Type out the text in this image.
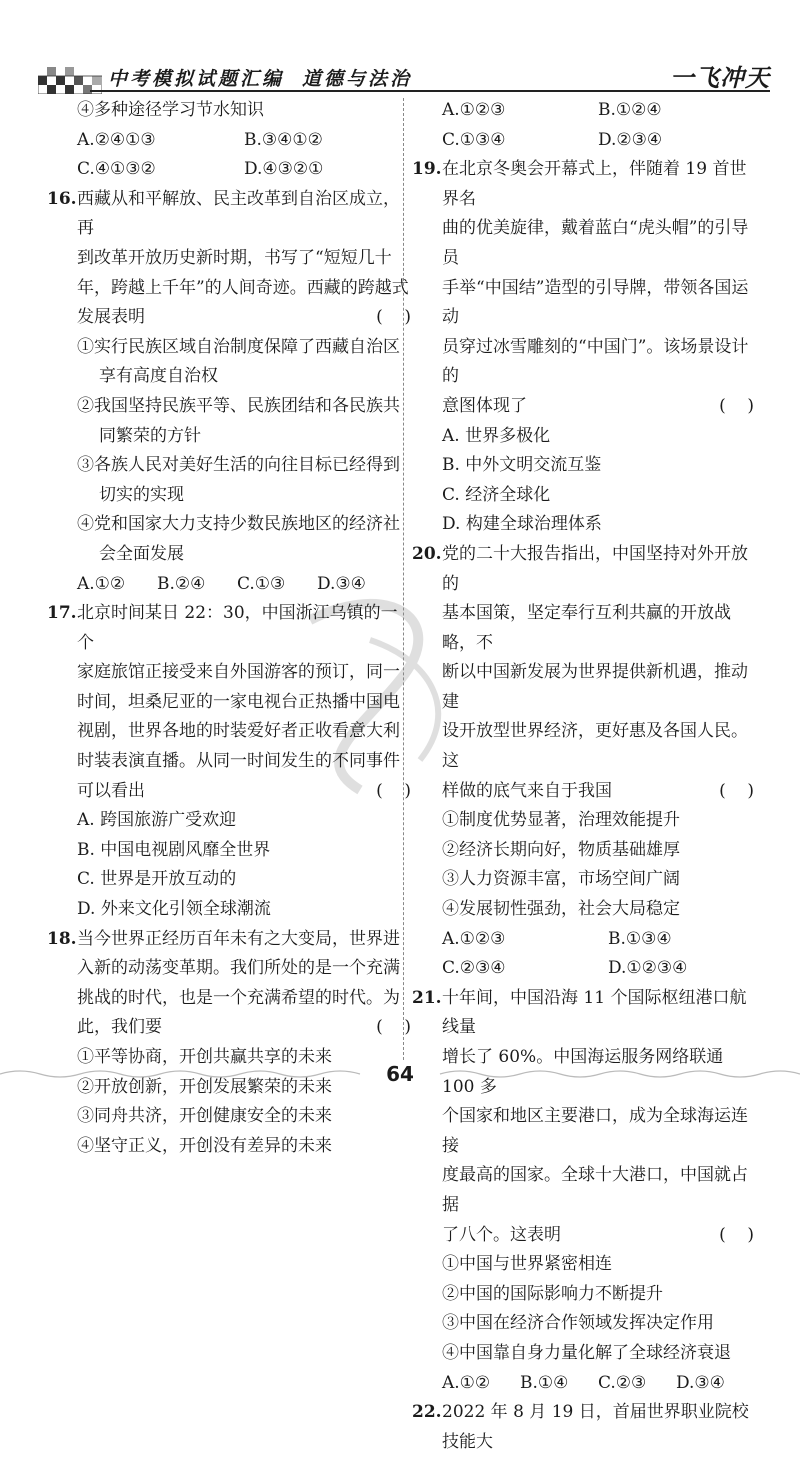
中考模拟试题汇编 道德与法治	一飞冲天
④多种途径学习节水知识
A.②④①③	B.③④①②
C.④①③②	D.④③②①
16. 西藏从和平解放、民主改革到自治区成立，再
到改革开放历史新时期，书写了“短短几十
年，跨越上千年”的人间奇迹。西藏的跨越式
发展表明	(    )
①实行民族区域自治制度保障了西藏自治区
享有高度自治权
②我国坚持民族平等、民族团结和各民族共
同繁荣的方针
③各族人民对美好生活的向往目标已经得到
切实的实现
④党和国家大力支持少数民族地区的经济社
会全面发展
A.①②	B.②④	C.①③	D.③④
17. 北京时间某日 22：30，中国浙江乌镇的一个
家庭旅馆正接受来自外国游客的预订，同一
时间，坦桑尼亚的一家电视台正热播中国电
视剧，世界各地的时装爱好者正收看意大利
时装表演直播。从同一时间发生的不同事件
可以看出	(    )
A. 跨国旅游广受欢迎
B. 中国电视剧风靡全世界
C. 世界是开放互动的
D. 外来文化引领全球潮流
18. 当今世界正经历百年未有之大变局，世界进
入新的动荡变革期。我们所处的是一个充满
挑战的时代，也是一个充满希望的时代。为
此，我们要	(    )
①平等协商，开创共赢共享的未来
②开放创新，开创发展繁荣的未来
③同舟共济，开创健康安全的未来
④坚守正义，开创没有差异的未来
A.①②③	B.①②④
C.①③④	D.②③④
19. 在北京冬奥会开幕式上，伴随着 19 首世界名
曲的优美旋律，戴着蓝白“虎头帽”的引导员
手举“中国结”造型的引导牌，带领各国运动
员穿过冰雪雕刻的“中国门”。该场景设计的
意图体现了	(    )
A. 世界多极化
B. 中外文明交流互鉴
C. 经济全球化
D. 构建全球治理体系
20. 党的二十大报告指出，中国坚持对外开放的
基本国策，坚定奉行互利共赢的开放战略，不
断以中国新发展为世界提供新机遇，推动建
设开放型世界经济，更好惠及各国人民。这
样做的底气来自于我国	(    )
①制度优势显著，治理效能提升
②经济长期向好，物质基础雄厚
③人力资源丰富，市场空间广阔
④发展韧性强劲，社会大局稳定
A.①②③	B.①③④
C.②③④	D.①②③④
21. 十年间，中国沿海 11 个国际枢纽港口航线量
增长了 60%。中国海运服务网络联通 100 多
个国家和地区主要港口，成为全球海运连接
度最高的国家。全球十大港口，中国就占据
了八个。这表明	(    )
①中国与世界紧密相连
②中国的国际影响力不断提升
③中国在经济合作领域发挥决定作用
④中国靠自身力量化解了全球经济衰退
A.①②	B.①④	C.②③	D.③④
22. 2022 年 8 月 19 日，首届世界职业院校技能大
64
